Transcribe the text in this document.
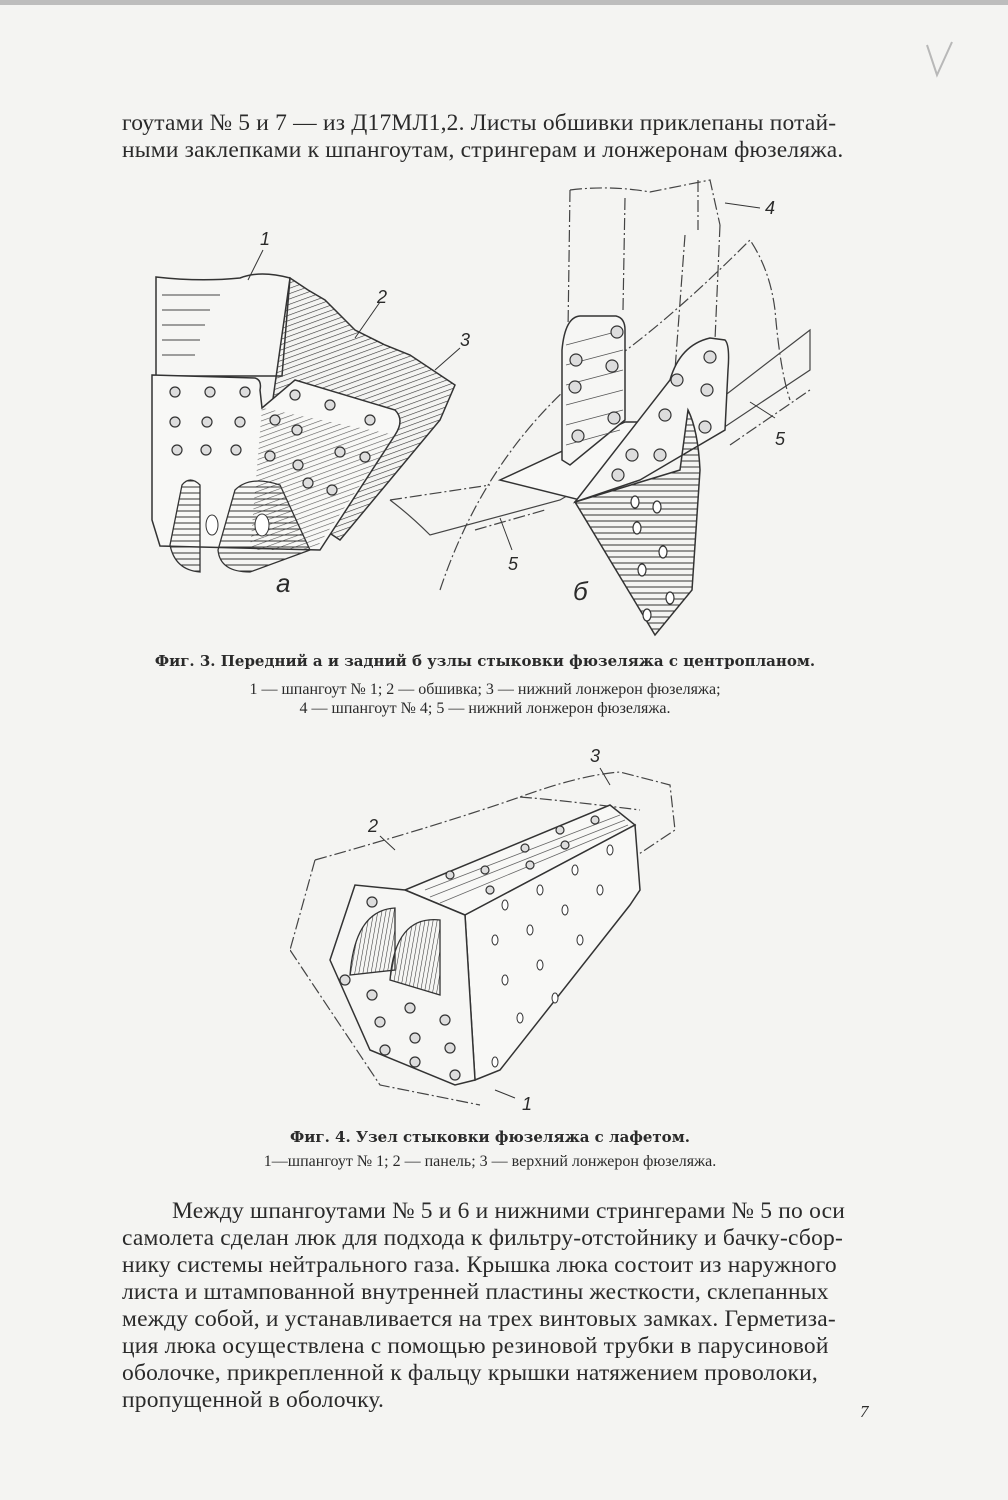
гоутами № 5 и 7 — из Д17МЛ1,2. Листы обшивки приклепаны потай-
ными заклепками к шпангоутам, стрингерам и лонжеронам фюзеляжа.
1
2
3
а
4
5
5
б
Фиг. 3. Передний а и задний б узлы стыковки фюзеляжа с центропланом.
1 — шпангоут № 1; 2 — обшивка; 3 — нижний лонжерон фюзеляжа;
4 — шпангоут № 4; 5 — нижний лонжерон фюзеляжа.
3
2
1
Фиг. 4. Узел стыковки фюзеляжа с лафетом.
1—шпангоут № 1; 2 — панель; 3 — верхний лонжерон фюзеляжа.
Между шпангоутами № 5 и 6 и нижними стрингерами № 5 по оси
самолета сделан люк для подхода к фильтру-отстойнику и бачку-сбор-
нику системы нейтрального газа. Крышка люка состоит из наружного
листа и штампованной внутренней пластины жесткости, склепанных
между собой, и устанавливается на трех винтовых замках. Герметиза-
ция люка осуществлена с помощью резиновой трубки в парусиновой
оболочке, прикрепленной к фальцу крышки натяжением проволоки,
пропущенной в оболочку.	7
